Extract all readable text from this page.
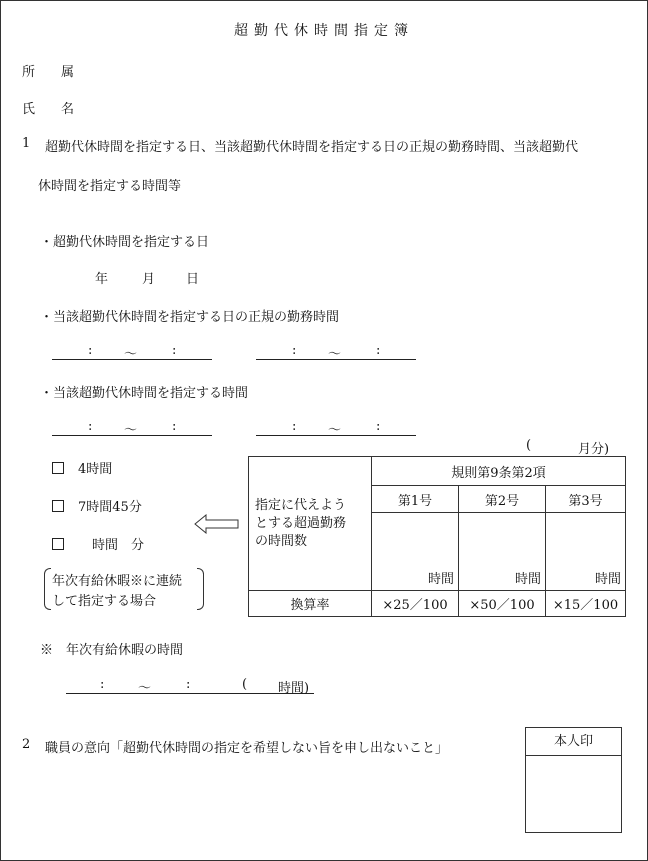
超勤代休時間指定簿
所属
氏名
1 超勤代休時間を指定する日、当該超勤代休時間を指定する日の正規の勤務時間、当該超勤代
休時間を指定する時間等
・超勤代休時間を指定する日
年	月 日
・当該超勤代休時間を指定する日の正規の勤務時間
: 〜	:	: 〜	:
・当該超勤代休時間を指定する時間
: 〜	:	: 〜	:
(	月分)
4時間
7時間45分
時間　分
年次有給休暇※に連続
して指定する場合
指定に代えよう
とする超過勤務
の時間数	規則第9条第2項		
	第1号	第2号	第3号
	時間	時間	時間
換算率	×25／100	×50／100	×15／100
※　年次有給休暇の時間
:	〜	:	( 時間)
2 職員の意向「超勤代休時間の指定を希望しない旨を申し出ないこと」	本人印
